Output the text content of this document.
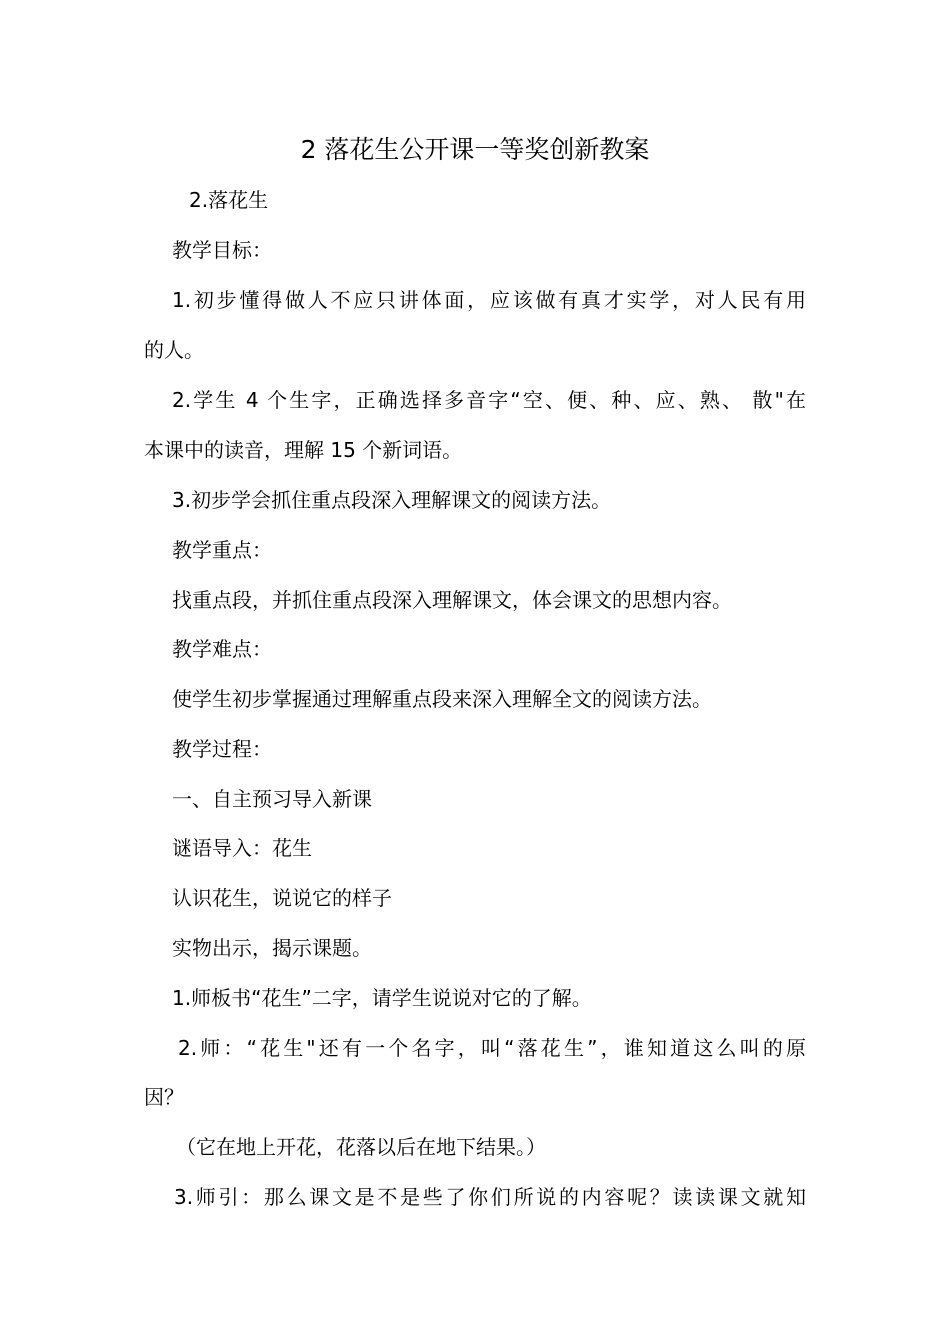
2 落花生公开课一等奖创新教案
2.落花生
教学目标：
1.初步懂得做人不应只讲体面，应该做有真才实学，对人民有用
的人。
2.学生 4 个生字，正确选择多音字“空、便、种、应、熟、 散"在
本课中的读音，理解 15 个新词语。
3.初步学会抓住重点段深入理解课文的阅读方法。
教学重点：
找重点段，并抓住重点段深入理解课文，体会课文的思想内容。
教学难点：
使学生初步掌握通过理解重点段来深入理解全文的阅读方法。
教学过程：
一、自主预习导入新课
谜语导入：花生
认识花生，说说它的样子
实物出示，揭示课题。
1.师板书“花生”二字，请学生说说对它的了解。
2.师：“花生"还有一个名字，叫“落花生”，谁知道这么叫的原
因？
（它在地上开花，花落以后在地下结果。）
3.师引：那么课文是不是些了你们所说的内容呢？读读课文就知
